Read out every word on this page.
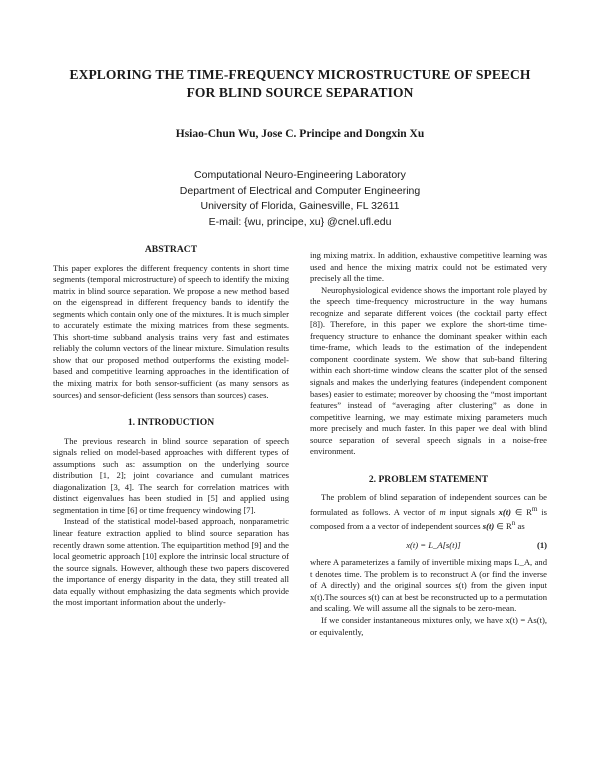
EXPLORING THE TIME-FREQUENCY MICROSTRUCTURE OF SPEECH FOR BLIND SOURCE SEPARATION
Hsiao-Chun Wu, Jose C. Principe and Dongxin Xu
Computational Neuro-Engineering Laboratory
Department of Electrical and Computer Engineering
University of Florida, Gainesville, FL 32611
E-mail: {wu, principe, xu} @cnel.ufl.edu

ABSTRACT

This paper explores the different frequency contents in short time segments (temporal microstructure) of speech to identify the mixing matrix in blind source separation. We propose a new method based on the eigenspread in different frequency bands to identify the segments which contain only one of the mixtures. It is much simpler to accurately estimate the mixing matrices from these segments. This short-time subband analysis trains very fast and estimates reliably the column vectors of the linear mixture. Simulation results show that our proposed method outperforms the existing model-based and competitive learning approaches in the identification of the mixing matrix for both sensor-sufficient (as many sensors as sources) and sensor-deficient (less sensors than sources) cases.

1. INTRODUCTION

The previous research in blind source separation of speech signals relied on model-based approaches with different types of assumptions such as: assumption on the underlying source distribution [1, 2]; joint covariance and cumulant matrices diagonalization [3, 4]. The search for correlation matrices with distinct eigenvalues has been studied in [5] and applied using segmentation in time [6] or time frequency windowing [7].

Instead of the statistical model-based approach, nonparametric linear feature extraction applied to blind source separation has recently drawn some attention. The equipartition method [9] and the local geometric approach [10] explore the intrinsic local structure of the source signals. However, although these two papers discovered the importance of energy disparity in the data, they still treated all data equally without emphasizing the data segments which provide the most important information about the underly-

ing mixing matrix. In addition, exhaustive competitive learning was used and hence the mixing matrix could not be estimated very precisely all the time.

Neurophysiological evidence shows the important role played by the speech time-frequency microstructure in the way humans recognize and separate different voices (the cocktail party effect [8]). Therefore, in this paper we explore the short-time time-frequency structure to enhance the dominant speaker within each time-frame, which leads to the estimation of the independent component coordinate system. We show that sub-band filtering within each short-time window cleans the scatter plot of the sensed signals and makes the underlying features (independent component bases) easier to estimate; moreover by choosing the “most important features” instead of “averaging after clustering” as done in competitive learning, we may estimate mixing parameters much more precisely and much faster. In this paper we deal with blind source separation of several speech signals in a noise-free environment.

2. PROBLEM STATEMENT

The problem of blind separation of independent sources can be formulated as follows. A vector of m input signals x(t) ∈ $R^m$ is composed from a a vector of independent sources s(t) ∈ $R^n$ as

x(t) = L_A[s(t)]	(1)

where A parameterizes a family of invertible mixing maps L_A, and t denotes time. The problem is to reconstruct A (or find the inverse of A directly) and the original sources s(t) from the given input x(t).The sources s(t) can at best be reconstructed up to a permutation and scaling. We will assume all the signals to be zero-mean.

If we consider instantaneous mixtures only, we have x(t) = As(t), or equivalently,
